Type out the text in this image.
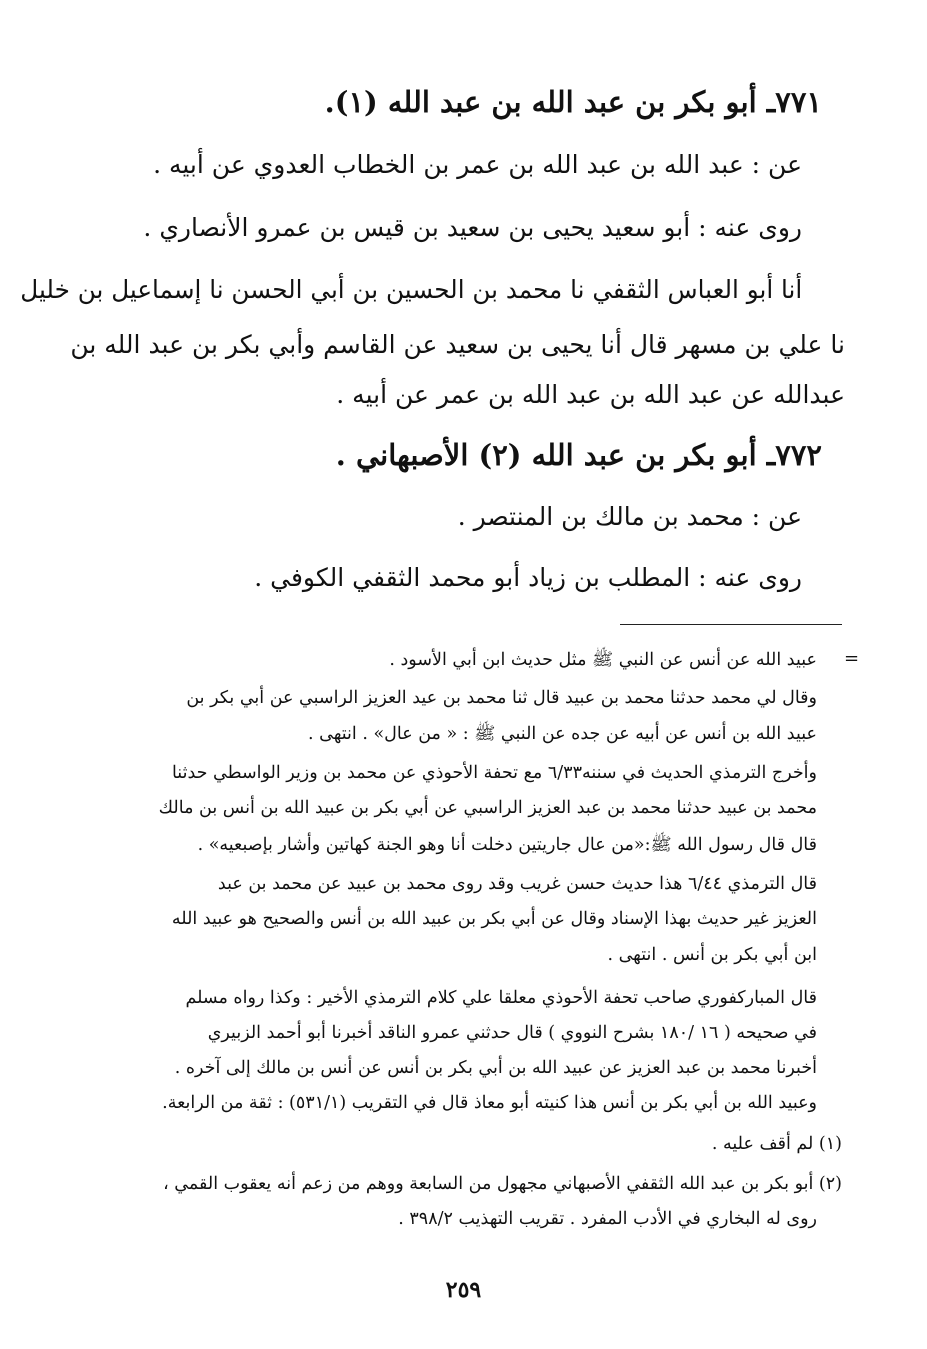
٧٧١ـ أبو بكر بن عبد الله بن عبد الله (١).
عن : عبد الله بن عبد الله بن عمر بن الخطاب العدوي عن أبيه .
روى عنه : أبو سعيد يحيى بن سعيد بن قيس بن عمرو الأنصاري .
أنا أبو العباس الثقفي نا محمد بن الحسين بن أبي الحسن نا إسماعيل بن خليل
نا علي بن مسهر قال أنا يحيى بن سعيد عن القاسم وأبي بكر بن عبد الله بن
عبدالله عن عبد الله بن عبد الله بن عمر عن أبيه .
٧٧٢ـ أبو بكر بن عبد الله (٢) الأصبهاني .
عن : محمد بن مالك بن المنتصر .
روى عنه : المطلب بن زياد أبو محمد الثقفي الكوفي .
=
عبيد الله عن أنس عن النبي ﷺ مثل حديث ابن أبي الأسود .
وقال لي محمد حدثنا محمد بن عبيد قال ثنا محمد بن عيد العزيز الراسبي عن أبي بكر بن
عبيد الله بن أنس عن أبيه عن جده عن النبي ﷺ : « من عال» . انتهى .
وأخرج الترمذي الحديث في سننه٦/٣٣ مع تحفة الأحوذي عن محمد بن وزير الواسطي حدثنا
محمد بن عبيد حدثنا محمد بن عبد العزيز الراسبي عن أبي بكر بن عبيد الله بن أنس بن مالك
قال قال رسول الله ﷺ:«من عال جاريتين دخلت أنا وهو الجنة كهاتين وأشار بإصبعيه» .
قال الترمذي ٦/٤٤ هذا حديث حسن غريب وقد روى محمد بن عبيد عن محمد بن عبد
العزيز غير حديث بهذا الإسناد وقال عن أبي بكر بن عبيد الله بن أنس والصحيح هو عبيد الله
ابن أبي بكر بن أنس . انتهى .
قال المباركفوري صاحب تحفة الأحوذي معلقا علي كلام الترمذي الأخير : وكذا رواه مسلم
في صحيحه ( ١٦ /١٨٠ بشرح النووي ) قال حدثني عمرو الناقد أخبرنا أبو أحمد الزبيري
أخبرنا محمد بن عبد العزيز عن عبيد الله بن أبي بكر بن أنس عن أنس بن مالك إلى آخره .
وعبيد الله بن أبي بكر بن أنس هذا كنيته أبو معاذ قال في التقريب (٥٣١/١) : ثقة من الرابعة.
(١) لم أقف عليه .
(٢) أبو بكر بن عبد الله الثقفي الأصبهاني مجهول من السابعة ووهم من زعم أنه يعقوب القمي ،
روى له البخاري في الأدب المفرد . تقريب التهذيب ٣٩٨/٢ .
٢٥٩
